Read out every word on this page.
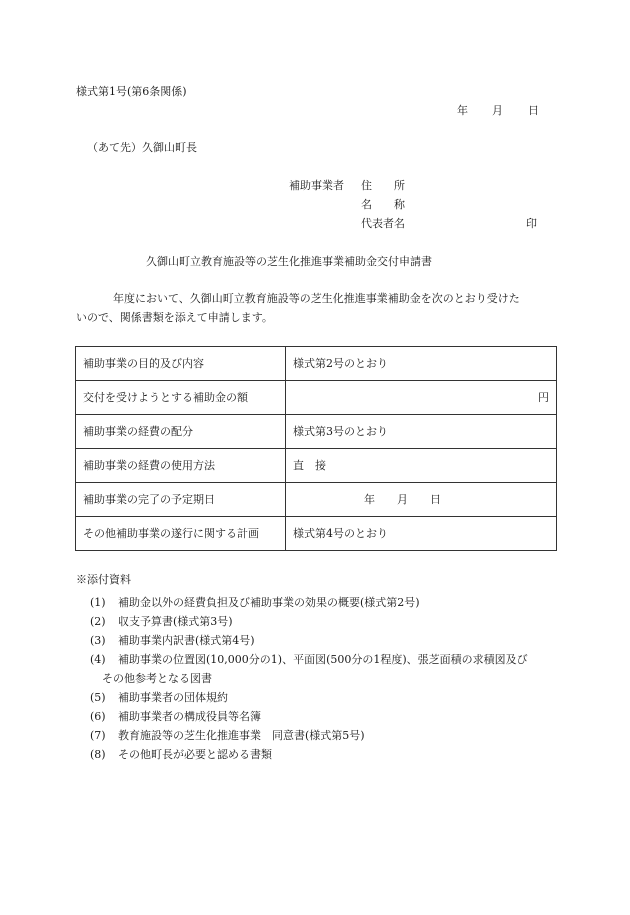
様式第1号(第6条関係)
年 月 日
（あて先）久御山町長
補助事業者 住　　所
名　　称
代表者名	印
久御山町立教育施設等の芝生化推進事業補助金交付申請書
年度において、久御山町立教育施設等の芝生化推進事業補助金を次のとおり受けた
いので、関係書類を添えて申請します。
補助事業の目的及び内容	様式第2号のとおり
交付を受けようとする補助金の額	円

補助事業の経費の配分	様式第3号のとおり
補助事業の経費の使用方法	直　接
補助事業の完了の予定期日	年　　月　　日
その他補助事業の遂行に関する計画	様式第4号のとおり
※添付資料
(1) 補助金以外の経費負担及び補助事業の効果の概要(様式第2号)
(2) 収支予算書(様式第3号)
(3) 補助事業内訳書(様式第4号)
(4) 補助事業の位置図(10,000分の1)、平面図(500分の1程度)、張芝面積の求積図及び
その他参考となる図書
(5) 補助事業者の団体規約
(6) 補助事業者の構成役員等名簿
(7) 教育施設等の芝生化推進事業　同意書(様式第5号)
(8) その他町長が必要と認める書類
